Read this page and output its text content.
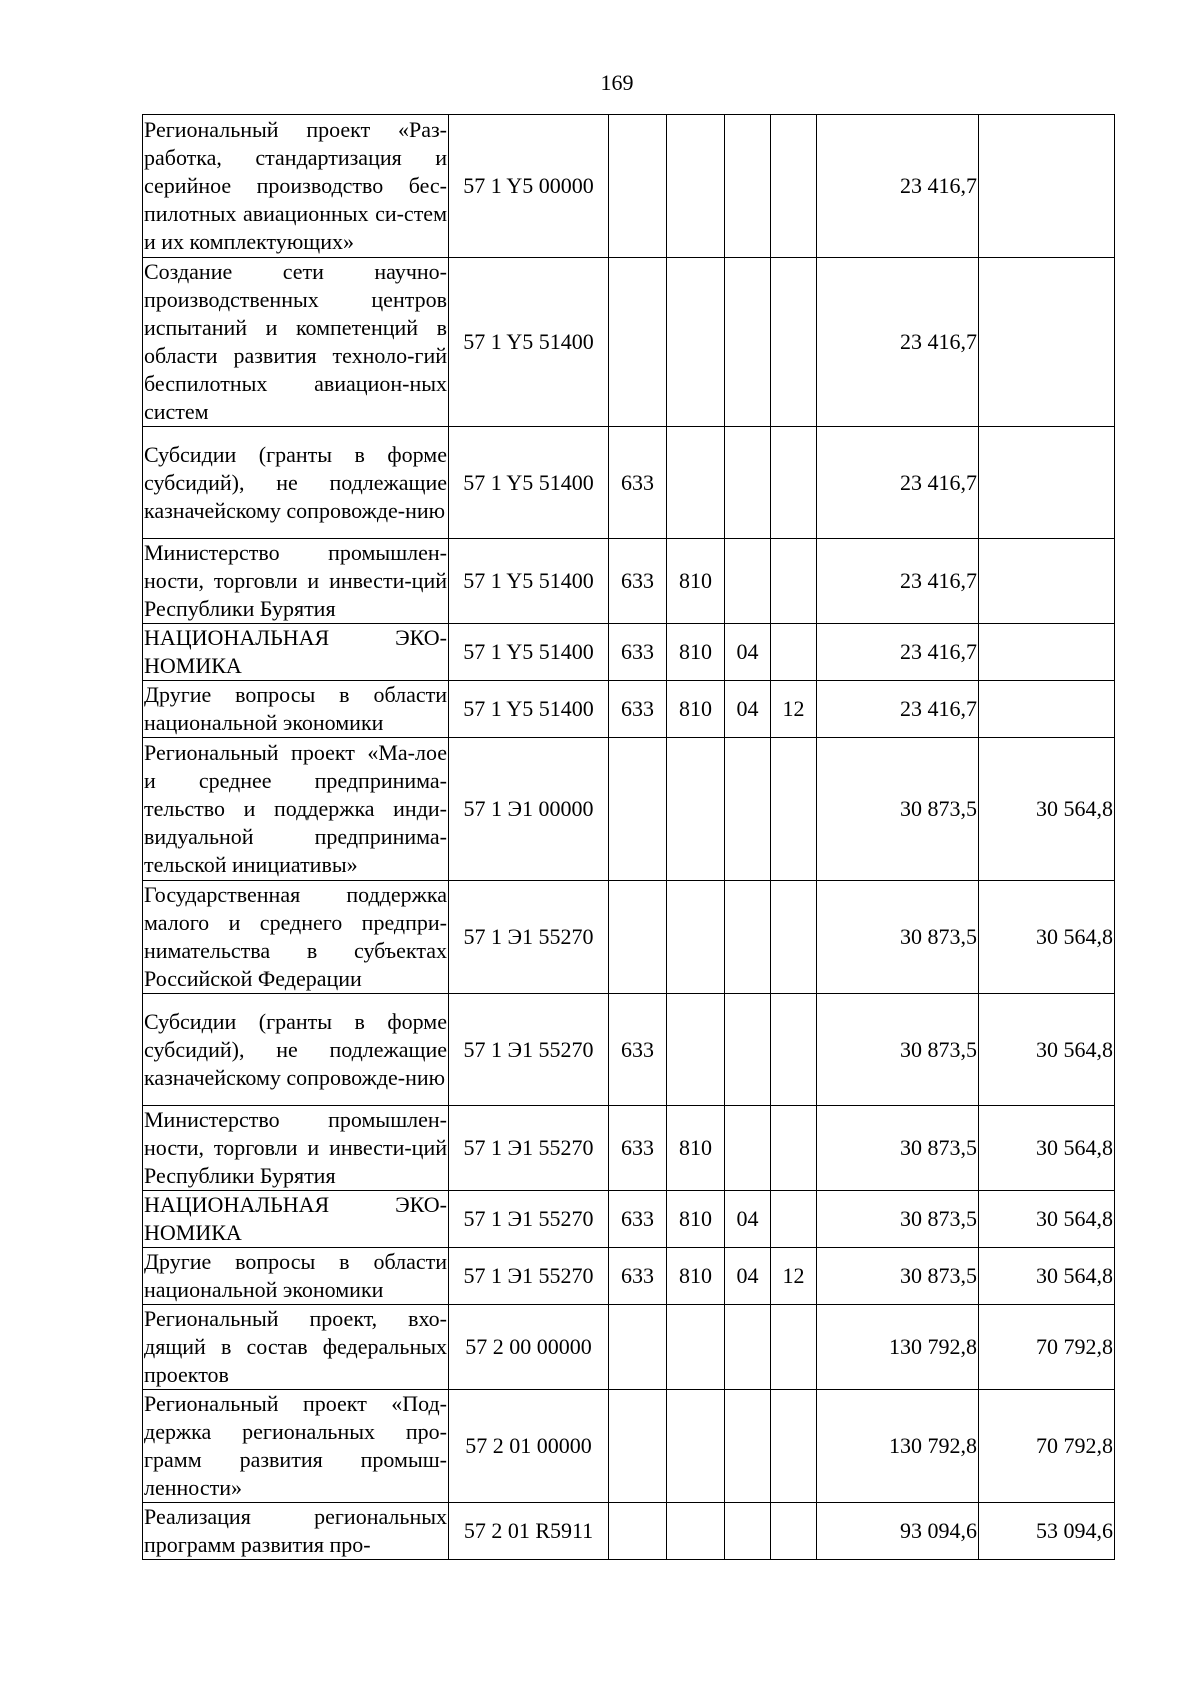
169
Региональный проект «Раз-работка, стандартизация и серийное производство бес-пилотных авиационных си-стем и их комплектующих»	57 1 Y5 00000					23 416,7	
Создание сети научно-производственных центров испытаний и компетенций в области развития техноло-гий беспилотных авиацион-ных систем	57 1 Y5 51400					23 416,7	
Субсидии (гранты в форме субсидий), не подлежащие казначейскому сопровожде-нию	57 1 Y5 51400	633				23 416,7	
Министерство промышлен-ности, торговли и инвести-ций Республики Бурятия	57 1 Y5 51400	633	810			23 416,7	
НАЦИОНАЛЬНАЯ ЭКО-НОМИКА	57 1 Y5 51400	633	810	04		23 416,7	
Другие вопросы в области национальной экономики	57 1 Y5 51400	633	810	04	12	23 416,7	
Региональный проект «Ма-лое и среднее предпринима-тельство и поддержка инди-видуальной предпринима-тельской инициативы»	57 1 Э1 00000					30 873,5	30 564,8
Государственная поддержка малого и среднего предпри-нимательства в субъектах Российской Федерации	57 1 Э1 55270					30 873,5	30 564,8
Субсидии (гранты в форме субсидий), не подлежащие казначейскому сопровожде-нию	57 1 Э1 55270	633				30 873,5	30 564,8
Министерство промышлен-ности, торговли и инвести-ций Республики Бурятия	57 1 Э1 55270	633	810			30 873,5	30 564,8
НАЦИОНАЛЬНАЯ ЭКО-НОМИКА	57 1 Э1 55270	633	810	04		30 873,5	30 564,8
Другие вопросы в области национальной экономики	57 1 Э1 55270	633	810	04	12	30 873,5	30 564,8
Региональный проект, вхо-дящий в состав федеральных проектов	57 2 00 00000					130 792,8	70 792,8
Региональный проект «Под-держка региональных про-грамм развития промыш-ленности»	57 2 01 00000					130 792,8	70 792,8
Реализация региональных программ развития про-	57 2 01 R5911					93 094,6	53 094,6
